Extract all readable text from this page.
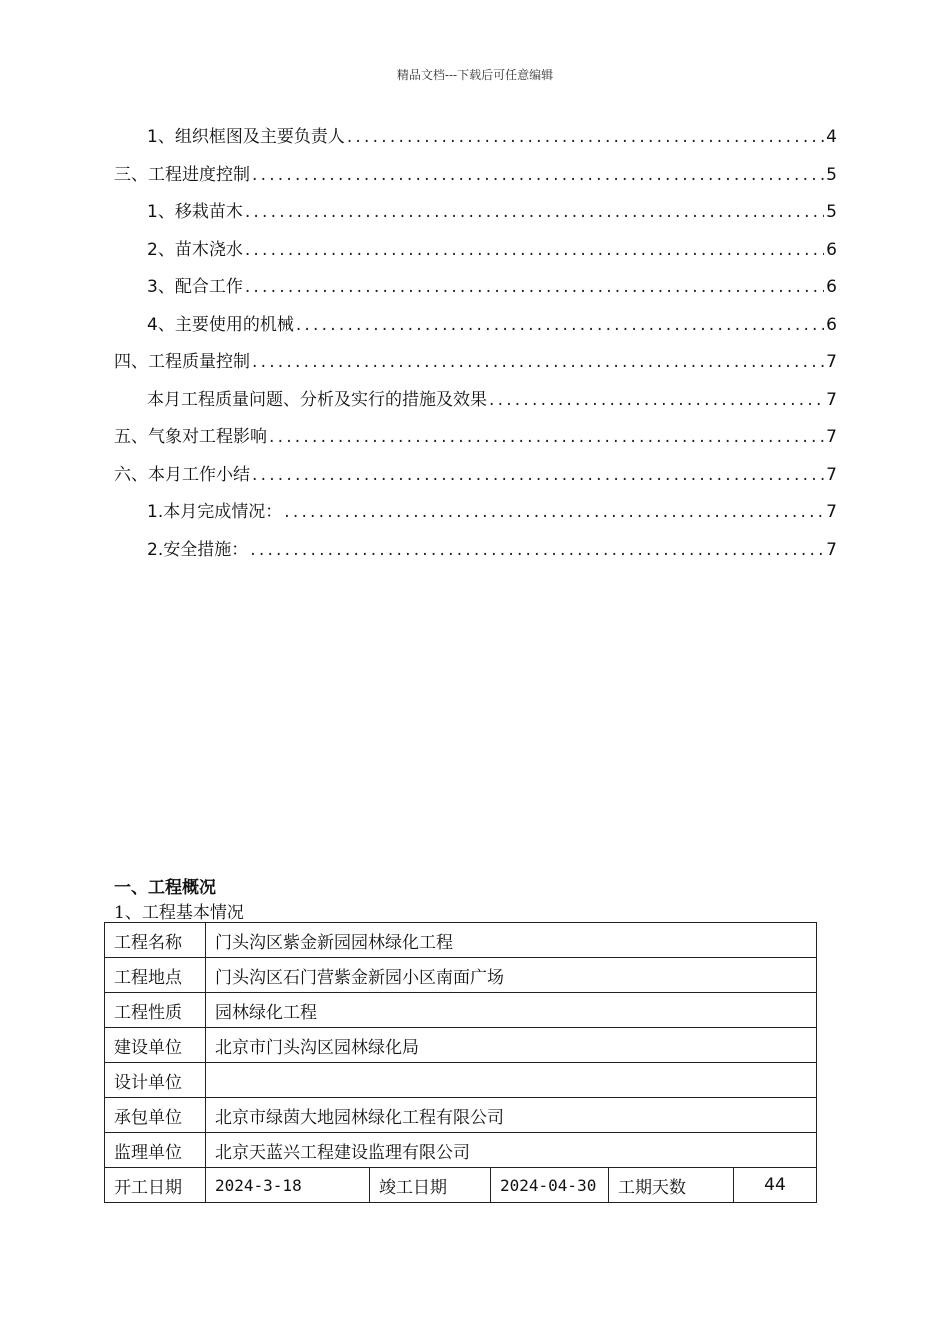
精品文档---下载后可任意编辑
1、组织框图及主要负责人 .....	4
三、工程进度控制 .....	5
1、移栽苗木 .....	5
2、苗木浇水 .....	6
3、配合工作 .....	6
4、主要使用的机械 .....	6
四、工程质量控制 .....	7
本月工程质量问题、分析及实行的措施及效果 .....	7
五、气象对工程影响 .....	7
六、本月工作小结 .....	7
1.本月完成情况： .....	7
2.安全措施： .....	7
一、工程概况
1、工程基本情况
工程名称	门头沟区紫金新园园林绿化工程				
工程地点	门头沟区石门营紫金新园小区南面广场				
工程性质	园林绿化工程				
建设单位	北京市门头沟区园林绿化局				
设计单位					
承包单位	北京市绿茵大地园林绿化工程有限公司				
监理单位	北京天蓝兴工程建设监理有限公司				
开工日期	2024-3-18	竣工日期	2024-04-30	工期天数	44
